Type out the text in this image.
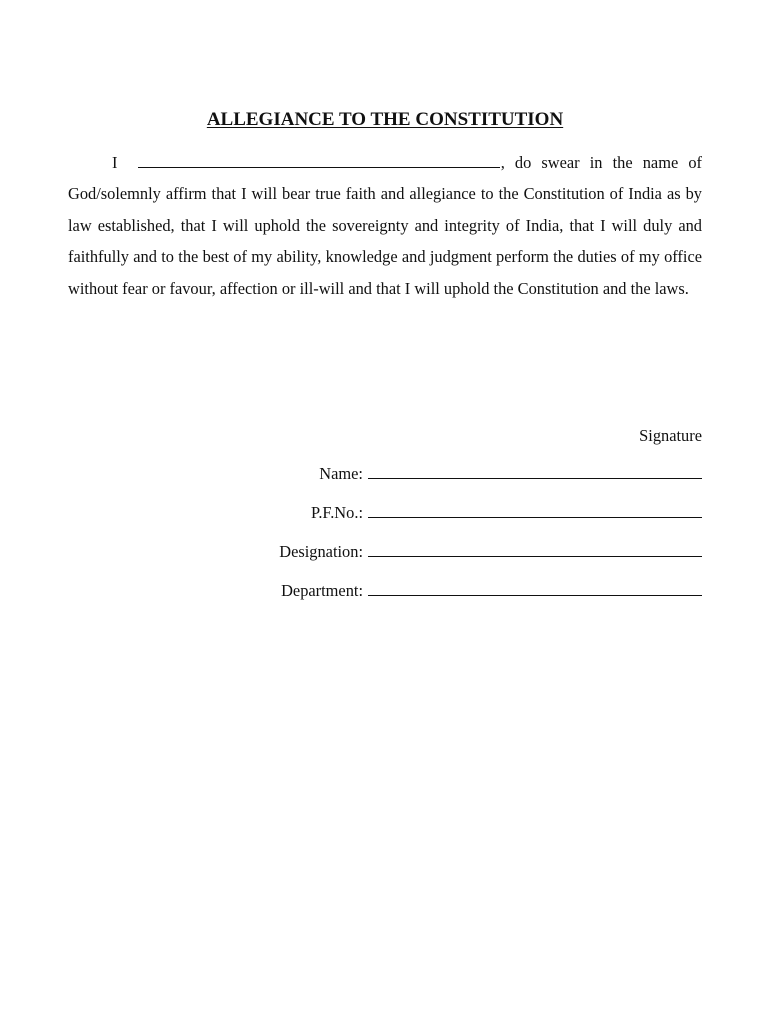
ALLEGIANCE TO THE CONSTITUTION

I	, do swear in the name of God/solemnly affirm that I will bear true faith and allegiance to the Constitution of India as by law established, that I will uphold the sovereignty and integrity of India, that I will duly and faithfully and to the best of my ability, knowledge and judgment perform the duties of my office without fear or favour, affection or ill-will and that I will uphold the Constitution and the laws.

Signature
Name:
P.F.No.:
Designation:
Department:
